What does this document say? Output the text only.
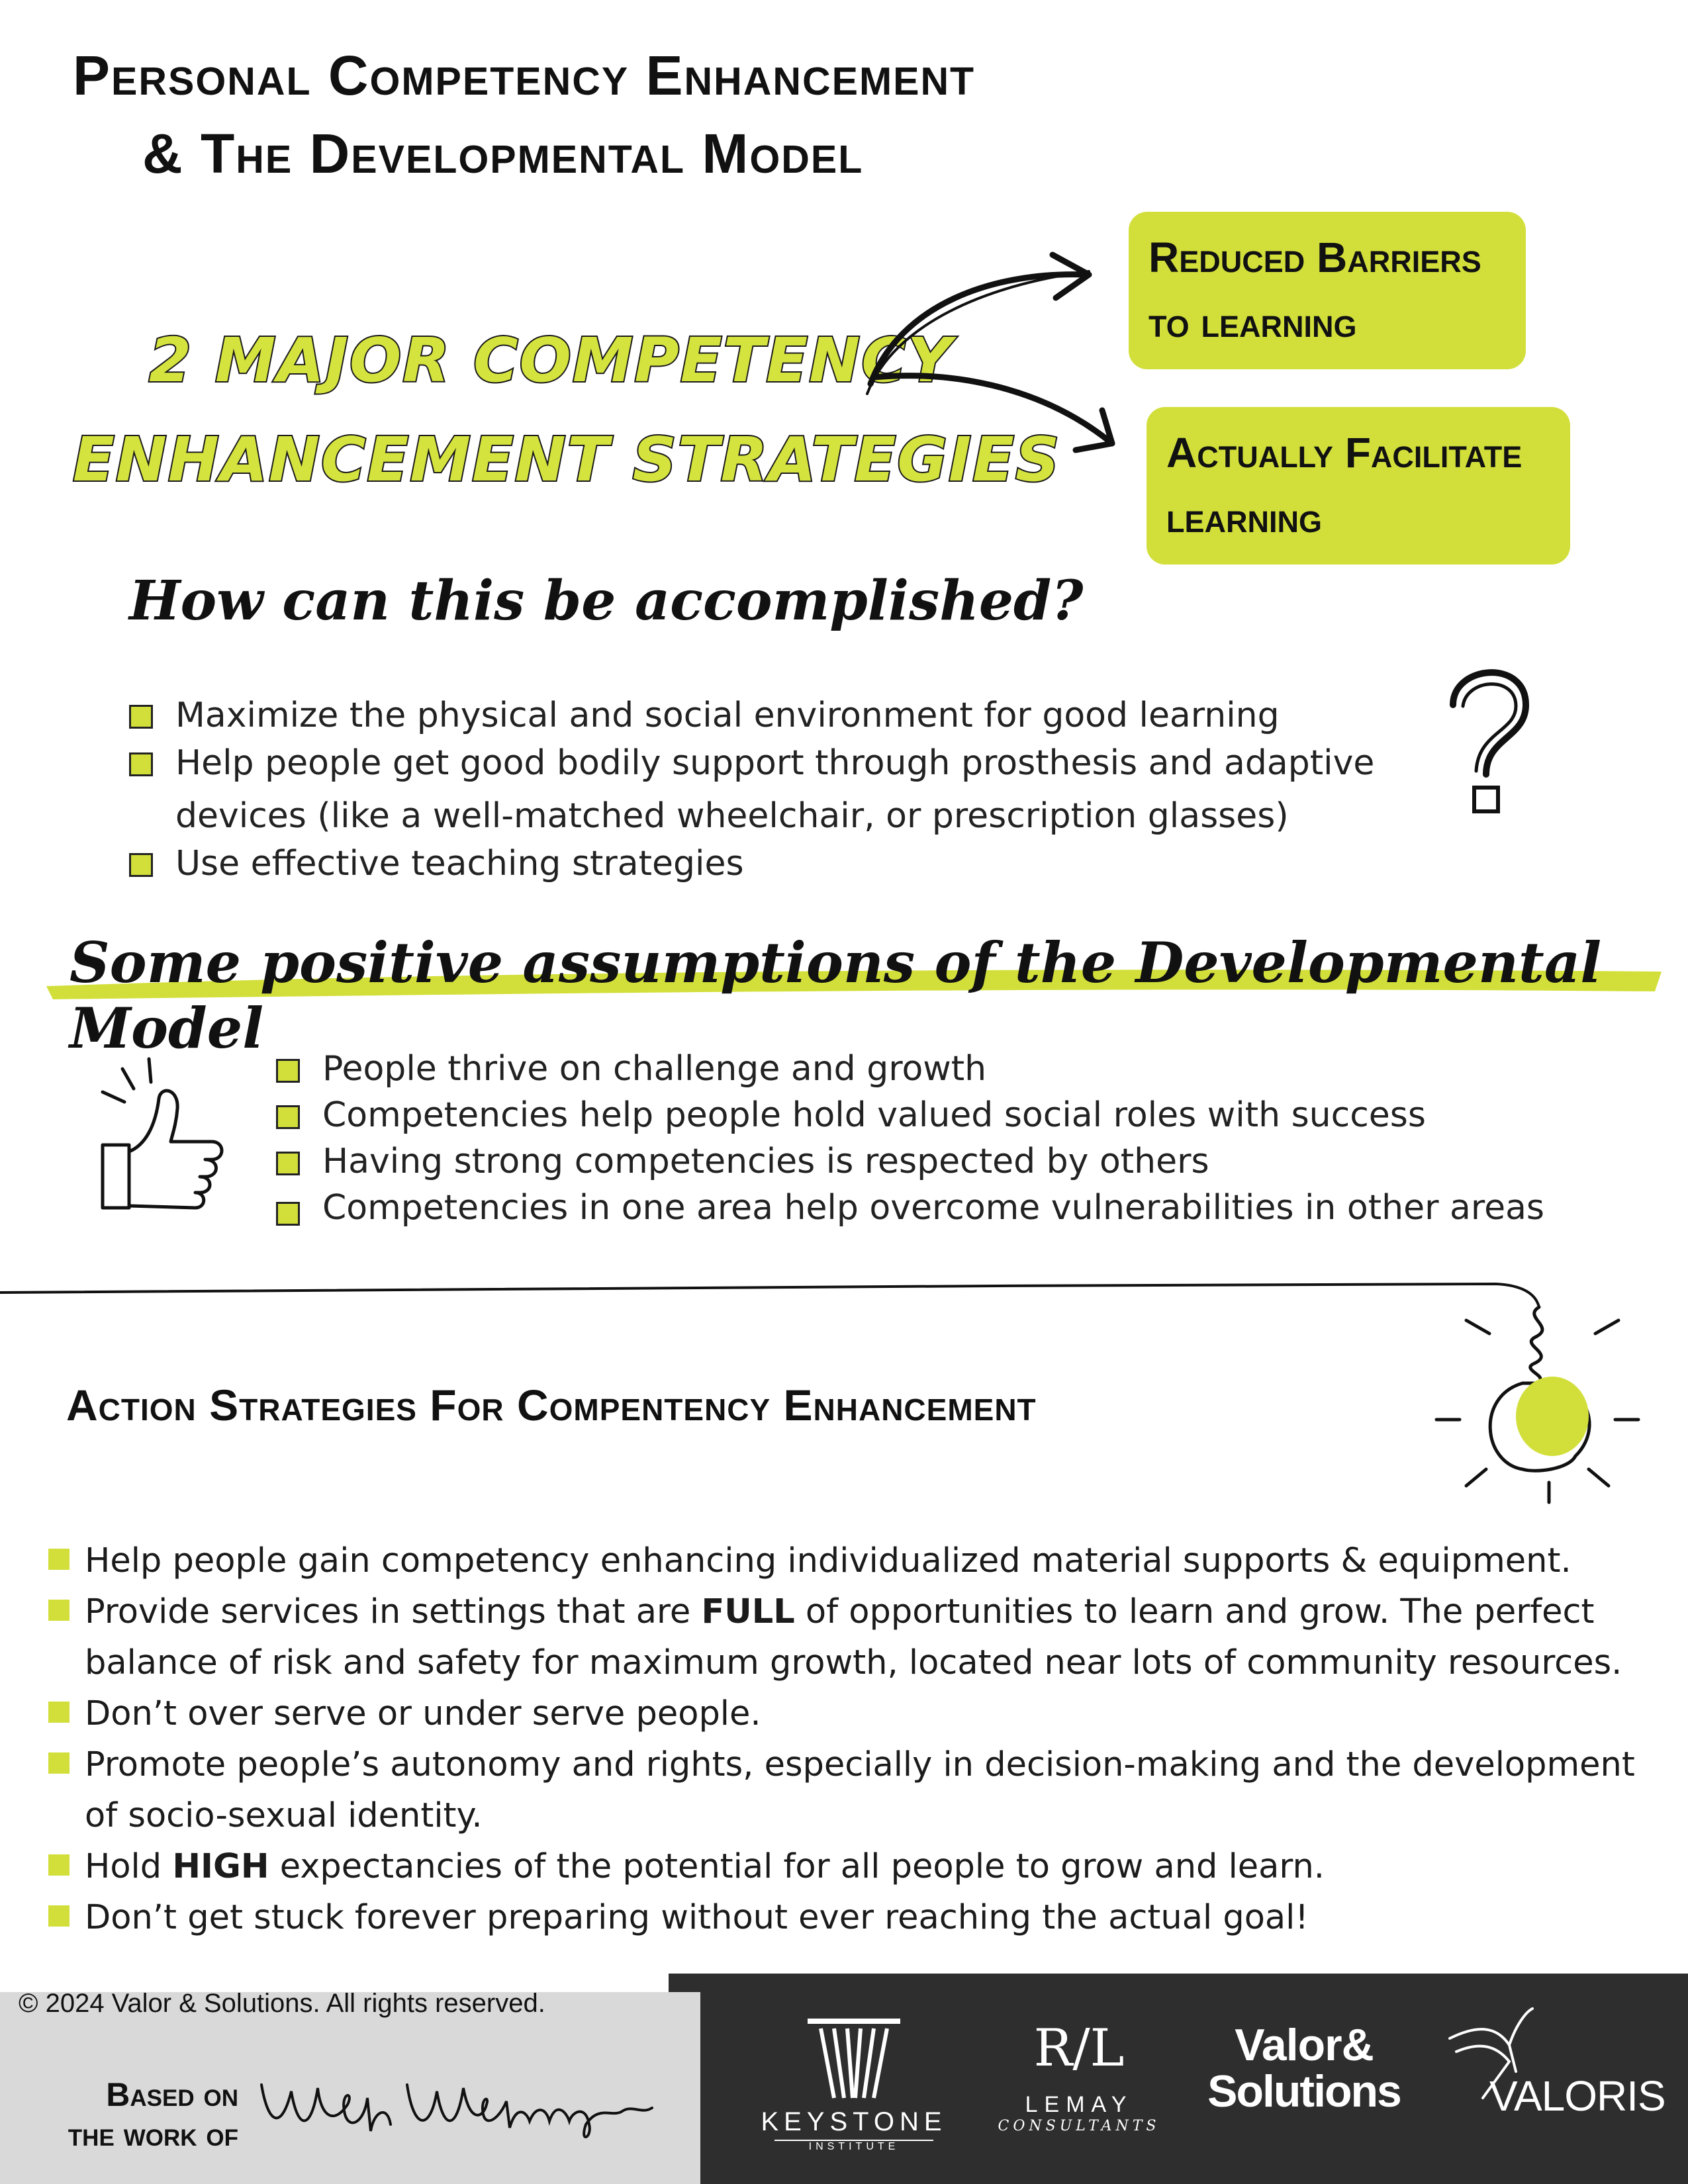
Personal Competency Enhancement
& The Developmental Model
2 MAJOR COMPETENCY
ENHANCEMENT STRATEGIES
Reduced Barriers
to learning
Actually Facilitate
learning
How can this be accomplished?
Maximize the physical and social environment for good learning
Help people get good bodily support through prosthesis and adaptive
devices (like a well-matched wheelchair, or prescription glasses)
Use effective teaching strategies
Some positive assumptions of the Developmental Model
People thrive on challenge and growth
Competencies help people hold valued social roles with success
Having strong competencies is respected by others
Competencies in one area help overcome vulnerabilities in other areas
Action Strategies For Compentency Enhancement
Help people gain competency enhancing individualized material supports & equipment.
Provide services in settings that are FULL of opportunities to learn and grow. The perfect
balance of risk and safety for maximum growth, located near lots of community resources.
Don’t over serve or under serve people.
Promote people’s autonomy and rights, especially in decision-making and the development
of socio-sexual identity.
Hold HIGH expectancies of the potential for all people to grow and learn.
Don’t get stuck forever preparing without ever reaching the actual goal!
© 2024 Valor & Solutions. All rights reserved.
Based on
the work of	KEYSTONE
INSTITUTE
R/L
LEMAY
CONSULTANTS
Valor&
Solutions	VALORIS
